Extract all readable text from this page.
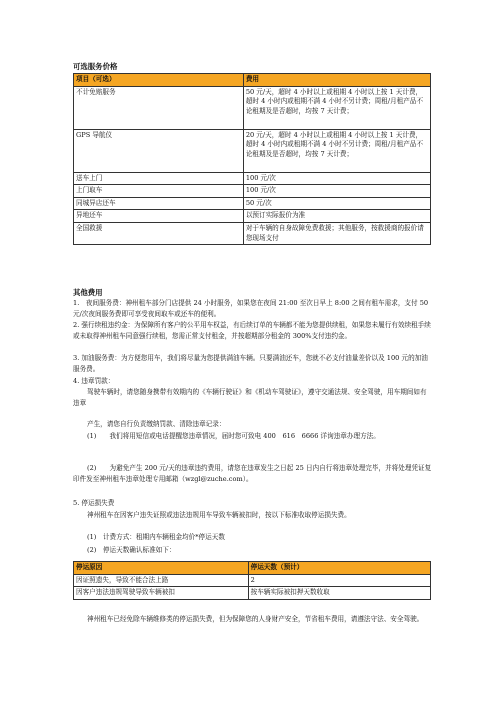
可选服务价格
项目（可选）	费用
不计免赔服务	50 元/天，超时 4 小时以上或租期 4 小时以上按 1 天计费，超时 4 小时内或租期不满 4 小时不另计费；周租/月租产品不论租期及是否超时，均按 7 天计费；
GPS 导航仪	20 元/天，超时 4 小时以上或租期 4 小时以上按 1 天计费，超时 4 小时内或租期不满 4 小时不另计费；周租/月租产品不论租期及是否超时，均按 7 天计费；
送车上门	100 元/次
上门取车	100 元/次
同城异店还车	50 元/次
异地还车	以预订实际报价为准
全国救援	对于车辆的自身故障免费救援；其他服务，按救援商的报价请您现场支付
其他费用

1.　夜间服务费：神州租车部分门店提供 24 小时服务，如果您在夜间 21:00 至次日早上 8:00 之间有租车需求，支付 50 元/次夜间服务费即可享受夜间取车或还车的便利。

2. 强行续租违约金：为保障所有客户的公平用车权益，有后续订单的车辆都不能为您提供续租，如果您未履行有效续租手续或未取得神州租车同意强行续租，您需正常支付租金，并按超期部分租金的 300%支付违约金。

3. 加油服务费：为方便您用车，我们将尽量为您提供满油车辆。只要满油还车，您就不必支付油量差价以及 100 元的加油服务费。

4. 违章罚款：

驾驶车辆时，请您随身携带有效期内的《车辆行驶证》和《机动车驾驶证》，遵守交通法规、安全驾驶，用车期间如有违章

产生，请您自行负责缴纳罚款、清除违章记录：

(1)　　我们将用短信或电话提醒您违章情况，届时您可致电 400　616　6666 详询违章办理方法。

(2)　　为避免产生 200 元/天的违章违约费用，请您在违章发生之日起 25 日内自行将违章处理完毕，并将处理凭证复印件发至神州租车违章处理专用邮箱（wzgl@zuche.com）。

5. 停运损失费

神州租车在因客户违失证照或违法违规用车导致车辆被扣时，按以下标准收取停运损失费。

(1)　计费方式：租期内车辆租金均价*停运天数

(2)　停运天数确认标准如下：

停运原因	停运天数（预计）
因证照遗失，导致不能合法上路	2
因客户违法违规驾驶导致车辆被扣	按车辆实际被扣押天数收取

神州租车已经免除车辆维修类的停运损失费，但为保障您的人身财产安全，节省租车费用，请遵法守法、安全驾驶。
